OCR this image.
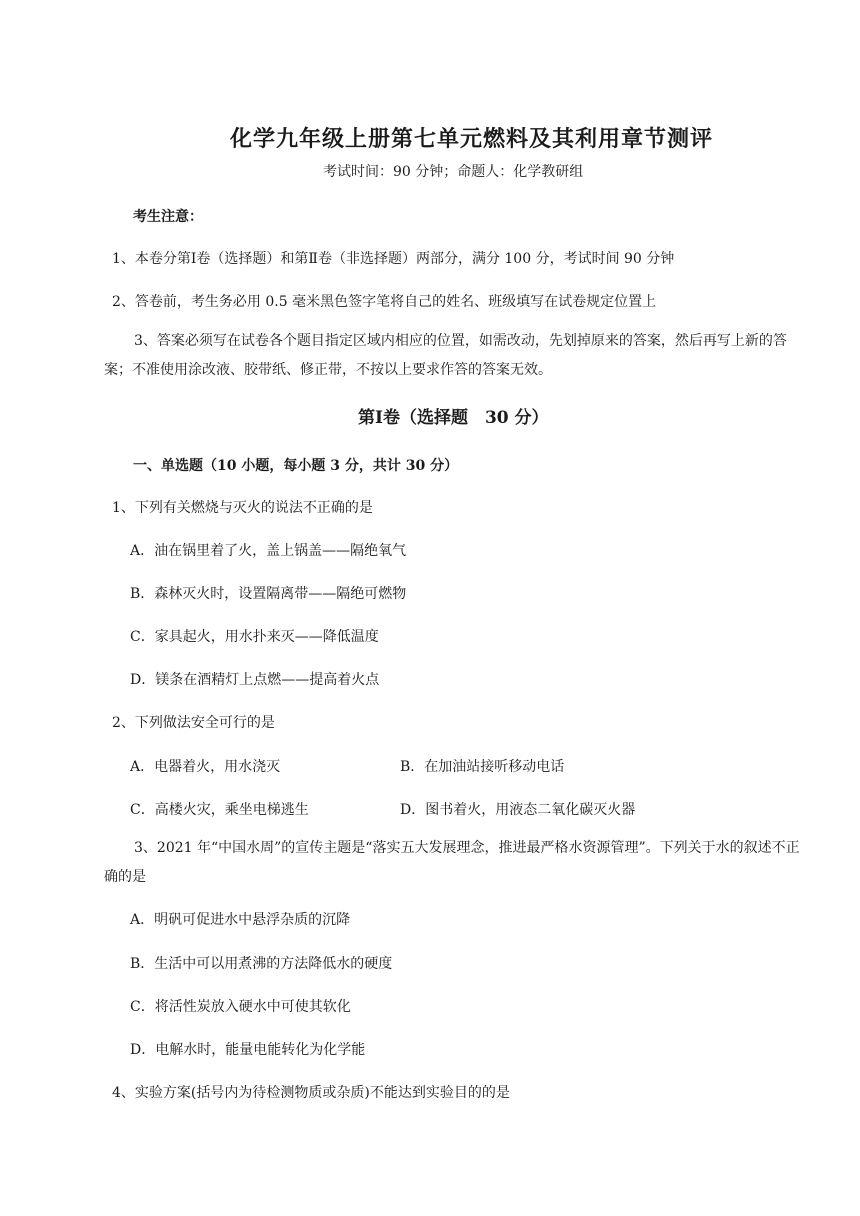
化学九年级上册第七单元燃料及其利用章节测评
考试时间：90 分钟；命题人：化学教研组
考生注意：
1、本卷分第Ⅰ卷（选择题）和第Ⅱ卷（非选择题）两部分，满分 100 分，考试时间 90 分钟
2、答卷前，考生务必用 0.5 毫米黑色签字笔将自己的姓名、班级填写在试卷规定位置上
3、答案必须写在试卷各个题目指定区域内相应的位置，如需改动，先划掉原来的答案，然后再写上新的答案；不准使用涂改液、胶带纸、修正带，不按以上要求作答的答案无效。
第Ⅰ卷（选择题　30 分）
一、单选题（10 小题，每小题 3 分，共计 30 分）
1、下列有关燃烧与灭火的说法不正确的是
A．油在锅里着了火，盖上锅盖——隔绝氧气
B．森林灭火时，设置隔离带——隔绝可燃物
C．家具起火，用水扑来灭——降低温度
D．镁条在酒精灯上点燃——提高着火点
2、下列做法安全可行的是
A．电器着火，用水浇灭	B．在加油站接听移动电话
C．高楼火灾，乘坐电梯逃生	D．图书着火，用液态二氧化碳灭火器
3、2021 年“中国水周”的宣传主题是“落实五大发展理念，推进最严格水资源管理”。下列关于水的叙述不正确的是
A．明矾可促进水中悬浮杂质的沉降
B．生活中可以用煮沸的方法降低水的硬度
C．将活性炭放入硬水中可使其软化
D．电解水时，能量电能转化为化学能
4、实验方案(括号内为待检测物质或杂质)不能达到实验目的的是
